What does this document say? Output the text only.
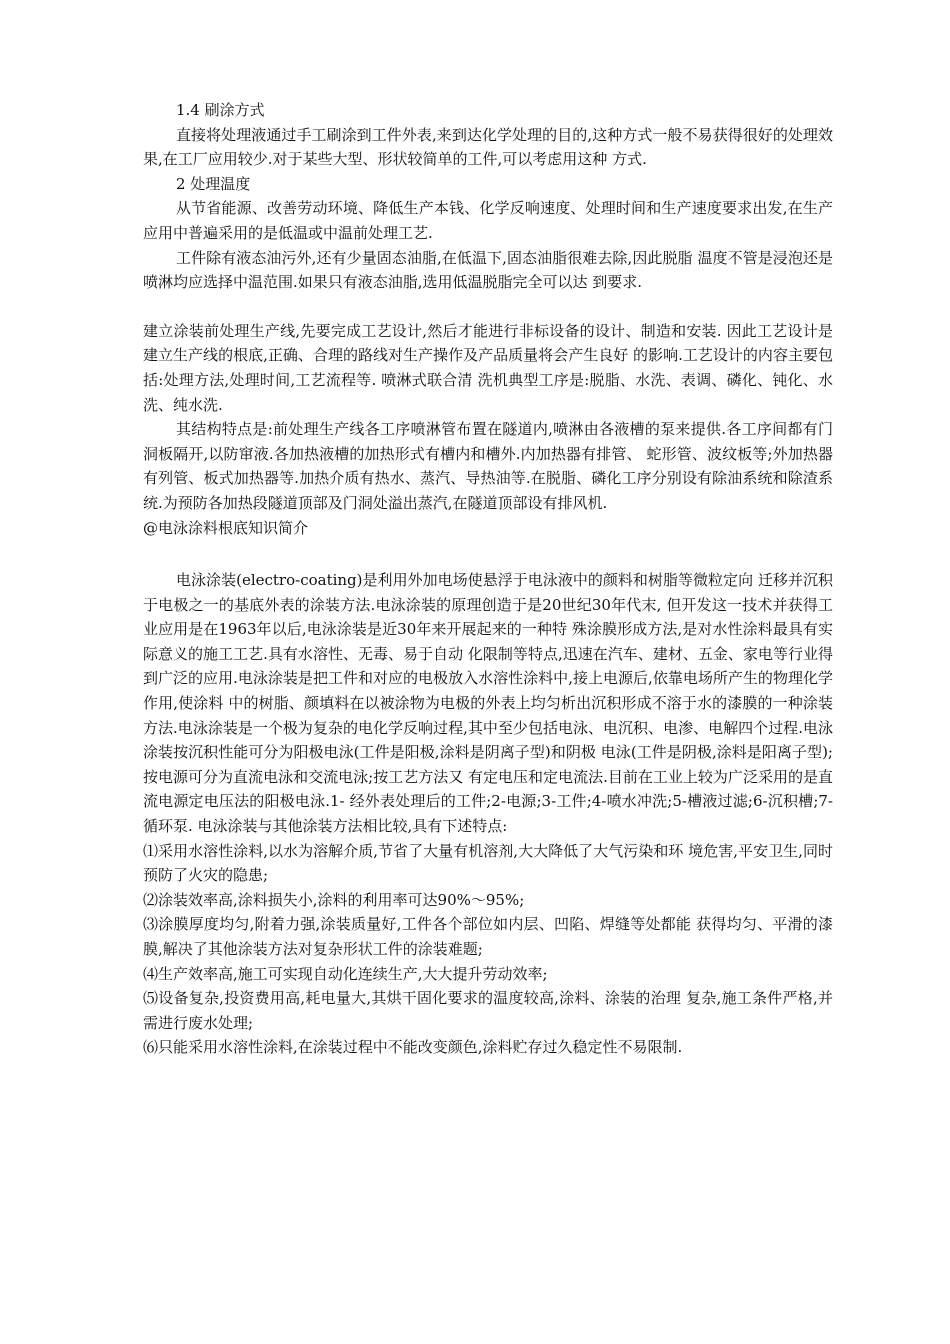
1.4 刷涂方式

直接将处理液通过手工刷涂到工件外表,来到达化学处理的目的,这种方式一般不易获得很好的处理效果,在工厂应用较少.对于某些大型、形状较简单的工件,可以考虑用这种 方式.

2 处理温度

从节省能源、改善劳动环境、降低生产本钱、化学反响速度、处理时间和生产速度要求出发,在生产应用中普遍采用的是低温或中温前处理工艺.

工件除有液态油污外,还有少量固态油脂,在低温下,固态油脂很难去除,因此脱脂 温度不管是浸泡还是喷淋均应选择中温范围.如果只有液态油脂,选用低温脱脂完全可以达 到要求.

建立涂装前处理生产线,先要完成工艺设计,然后才能进行非标设备的设计、制造和安装. 因此工艺设计是建立生产线的根底,正确、合理的路线对生产操作及产品质量将会产生良好 的影响.工艺设计的内容主要包括:处理方法,处理时间,工艺流程等. 喷淋式联合清 洗机典型工序是:脱脂、水洗、表调、磷化、钝化、水洗、纯水洗.

其结构特点是:前处理生产线各工序喷淋管布置在隧道内,喷淋由各液槽的泵来提供.各工序间都有门洞板隔开,以防窜液.各加热液槽的加热形式有槽内和槽外.内加热器有排管、 蛇形管、波纹板等;外加热器有列管、板式加热器等.加热介质有热水、蒸汽、导热油等.在脱脂、磷化工序分别设有除油系统和除渣系统.为预防各加热段隧道顶部及门洞处溢出蒸汽,在隧道顶部设有排风机.

@电泳涂料根底知识简介

电泳涂装(electro-coating)是利用外加电场使悬浮于电泳液中的颜料和树脂等微粒定向 迁移并沉积于电极之一的基底外表的涂装方法.电泳涂装的原理创造于是20世纪30年代末, 但开发这一技术并获得工业应用是在1963年以后,电泳涂装是近30年来开展起来的一种特 殊涂膜形成方法,是对水性涂料最具有实际意义的施工工艺.具有水溶性、无毒、易于自动 化限制等特点,迅速在汽车、建材、五金、家电等行业得到广泛的应用.电泳涂装是把工件和对应的电极放入水溶性涂料中,接上电源后,依靠电场所产生的物理化学作用,使涂料 中的树脂、颜填料在以被涂物为电极的外表上均匀析出沉积形成不溶于水的漆膜的一种涂装方法.电泳涂装是一个极为复杂的电化学反响过程,其中至少包括电泳、电沉积、电渗、电解四个过程.电泳涂装按沉积性能可分为阳极电泳(工件是阳极,涂料是阴离子型)和阴极 电泳(工件是阴极,涂料是阳离子型);按电源可分为直流电泳和交流电泳;按工艺方法又 有定电压和定电流法.目前在工业上较为广泛采用的是直流电源定电压法的阳极电泳.1- 经外表处理后的工件;2-电源;3-工件;4-喷水冲洗;5-槽液过滤;6-沉积槽;7-循环泵. 电泳涂装与其他涂装方法相比较,具有下述特点:

⑴采用水溶性涂料,以水为溶解介质,节省了大量有机溶剂,大大降低了大气污染和环 境危害,平安卫生,同时预防了火灾的隐患;

⑵涂装效率高,涂料损失小,涂料的利用率可达90%〜95%;

⑶涂膜厚度均匀,附着力强,涂装质量好,工件各个部位如内层、凹陷、焊缝等处都能 获得均匀、平滑的漆膜,解决了其他涂装方法对复杂形状工件的涂装难题;

⑷生产效率高,施工可实现自动化连续生产,大大提升劳动效率;

⑸设备复杂,投资费用高,耗电量大,其烘干固化要求的温度较高,涂料、涂装的治理 复杂,施工条件严格,并需进行废水处理;

⑹只能采用水溶性涂料,在涂装过程中不能改变颜色,涂料贮存过久稳定性不易限制.
